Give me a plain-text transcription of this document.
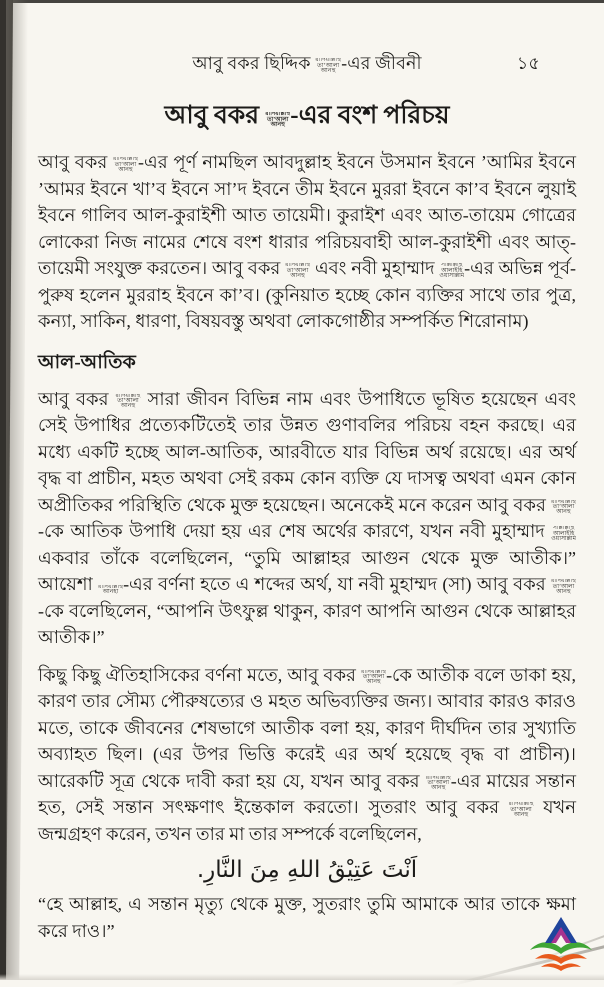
আবু বকর ছিদ্দিক রাদিয়াল্লাহু
তা’আলা
আনহু -এর জীবনী	১৫
আবু বকর রাদিয়াল্লাহু
তা’আলা
আনহু -এর বংশ পরিচয়
আবু বকর রাদিয়াল্লাহু
তা’আলা
আনহু -এর পূর্ণ নামছিল আবদুল্লাহ ইবনে উসমান ইবনে ’আমির ইবনে ’আমর ইবনে খা’ব ইবনে সা’দ ইবনে তীম ইবনে মুররা ইবনে কা’ব ইবনে লুয়াই ইবনে গালিব আল-কুরাইশী আত তায়েমী। কুরাইশ এবং আত-তায়েম গোত্রের লোকেরা নিজ নামের শেষে বংশ ধারার পরিচয়বাহী আল-কুরাইশী এবং আত্-তায়েমী সংযুক্ত করতেন। আবু বকর রাদিয়াল্লাহু
তা’আলা
আনহু এবং নবী মুহাম্মাদ সাল্লাল্লাহু
আলাইহি
ওয়াসাল্লাম -এর অভিন্ন পূর্ব-পুরুষ হলেন মুররাহ ইবনে কা’ব। (কুনিয়াত হচ্ছে কোন ব্যক্তির সাথে তার পুত্র, কন্যা, সাকিন, ধারণা, বিষয়বস্তু অথবা লোকগোষ্ঠীর সম্পর্কিত শিরোনাম)
আল-আতিক
আবু বকর রাদিয়াল্লাহু
তা’আলা
আনহু সারা জীবন বিভিন্ন নাম এবং উপাধিতে ভূষিত হয়েছেন এবং সেই উপাধির প্রত্যেকটিতেই তার উন্নত গুণাবলির পরিচয় বহন করছে। এর মধ্যে একটি হচ্ছে আল-আতিক, আরবীতে যার বিভিন্ন অর্থ রয়েছে। এর অর্থ বৃদ্ধ বা প্রাচীন, মহত অথবা সেই রকম কোন ব্যক্তি যে দাসত্ব অথবা এমন কোন অপ্রীতিকর পরিস্থিতি থেকে মুক্ত হয়েছেন। অনেকেই মনে করেন আবু বকর রাদিয়াল্লাহু
তা’আলা
আনহু
-কে আতিক উপাধি দেয়া হয় এর শেষ অর্থের কারণে, যখন নবী মুহাম্মাদ সাল্লাল্লাহু
আলাইহি
ওয়াসাল্লাম
একবার তাঁকে বলেছিলেন, “তুমি আল্লাহর আগুন থেকে মুক্ত আতীক।” আয়েশা রাদিয়াল্লাহু
আনহা -এর বর্ণনা হতে এ শব্দের অর্থ, যা নবী মুহাম্মদ (সা) আবু বকর রাদিয়াল্লাহু
তা’আলা
আনহু
-কে বলেছিলেন, “আপনি উৎফুল্ল থাকুন, কারণ আপনি আগুন থেকে আল্লাহর আতীক।”
কিছু কিছু ঐতিহাসিকের বর্ণনা মতে, আবু বকর রাদিয়াল্লাহু
তা’আলা
আনহু -কে আতীক বলে ডাকা হয়, কারণ তার সৌম্য পৌরুষত্যের ও মহত অভিব্যক্তির জন্য। আবার কারও কারও মতে, তাকে জীবনের শেষভাগে আতীক বলা হয়, কারণ দীর্ঘদিন তার সুখ্যাতি অব্যাহত ছিল। (এর উপর ভিত্তি করেই এর অর্থ হয়েছে বৃদ্ধ বা প্রাচীন)। আরেকটি সূত্র থেকে দাবী করা হয় যে, যখন আবু বকর রাদিয়াল্লাহু
তা’আলা
আনহু -এর মায়ের সন্তান হত, সেই সন্তান সৎক্ষণাৎ ইন্তেকাল করতো। সুতরাং আবু বকর রাদিয়াল্লাহু
তা’আলা
আনহু যখন জন্মগ্রহণ করেন, তখন তার মা তার সম্পর্কে বলেছিলেন,
اَنْتَ عَتِيْقُ اللهِ مِنَ النَّارِ.
“হে আল্লাহ, এ সন্তান মৃত্যু থেকে মুক্ত, সুতরাং তুমি আমাকে আর তাকে ক্ষমা করে দাও।”
